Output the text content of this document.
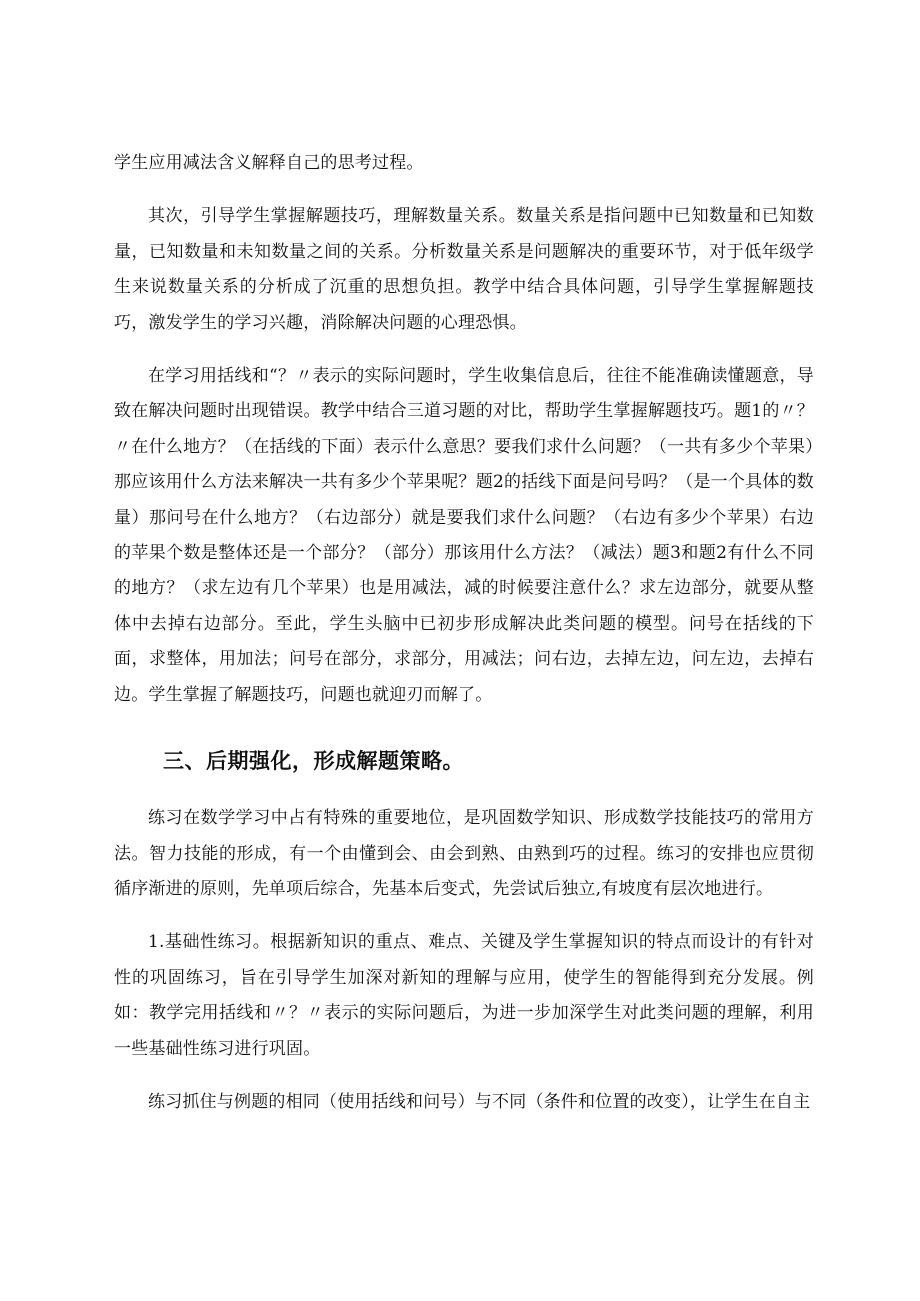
学生应用减法含义解释自己的思考过程。

其次，引导学生掌握解题技巧，理解数量关系。数量关系是指问题中已知数量和已知数量，已知数量和未知数量之间的关系。分析数量关系是问题解决的重要环节，对于低年级学生来说数量关系的分析成了沉重的思想负担。教学中结合具体问题，引导学生掌握解题技巧，激发学生的学习兴趣，消除解决问题的心理恐惧。

在学习用括线和“？〃表示的实际问题时，学生收集信息后，往往不能准确读懂题意，导致在解决问题时出现错误。教学中结合三道习题的对比，帮助学生掌握解题技巧。题1的〃？〃在什么地方？（在括线的下面）表示什么意思？要我们求什么问题？（一共有多少个苹果）那应该用什么方法来解决一共有多少个苹果呢？题2的括线下面是问号吗？（是一个具体的数量）那问号在什么地方？（右边部分）就是要我们求什么问题？（右边有多少个苹果）右边的苹果个数是整体还是一个部分？（部分）那该用什么方法？（减法）题3和题2有什么不同的地方？（求左边有几个苹果）也是用减法，减的时候要注意什么？求左边部分，就要从整体中去掉右边部分。至此，学生头脑中已初步形成解决此类问题的模型。问号在括线的下面，求整体，用加法；问号在部分，求部分，用减法；问右边，去掉左边，问左边，去掉右边。学生掌握了解题技巧，问题也就迎刃而解了。

三、后期强化，形成解题策略。

练习在数学学习中占有特殊的重要地位，是巩固数学知识、形成数学技能技巧的常用方法。智力技能的形成，有一个由懂到会、由会到熟、由熟到巧的过程。练习的安排也应贯彻循序渐进的原则，先单项后综合，先基本后变式，先尝试后独立,有坡度有层次地进行。

1.基础性练习。根据新知识的重点、难点、关键及学生掌握知识的特点而设计的有针对性的巩固练习，旨在引导学生加深对新知的理解与应用，使学生的智能得到充分发展。例如：教学完用括线和〃？〃表示的实际问题后，为进一步加深学生对此类问题的理解，利用一些基础性练习进行巩固。

练习抓住与例题的相同（使用括线和问号）与不同（条件和位置的改变），让学生在自主
